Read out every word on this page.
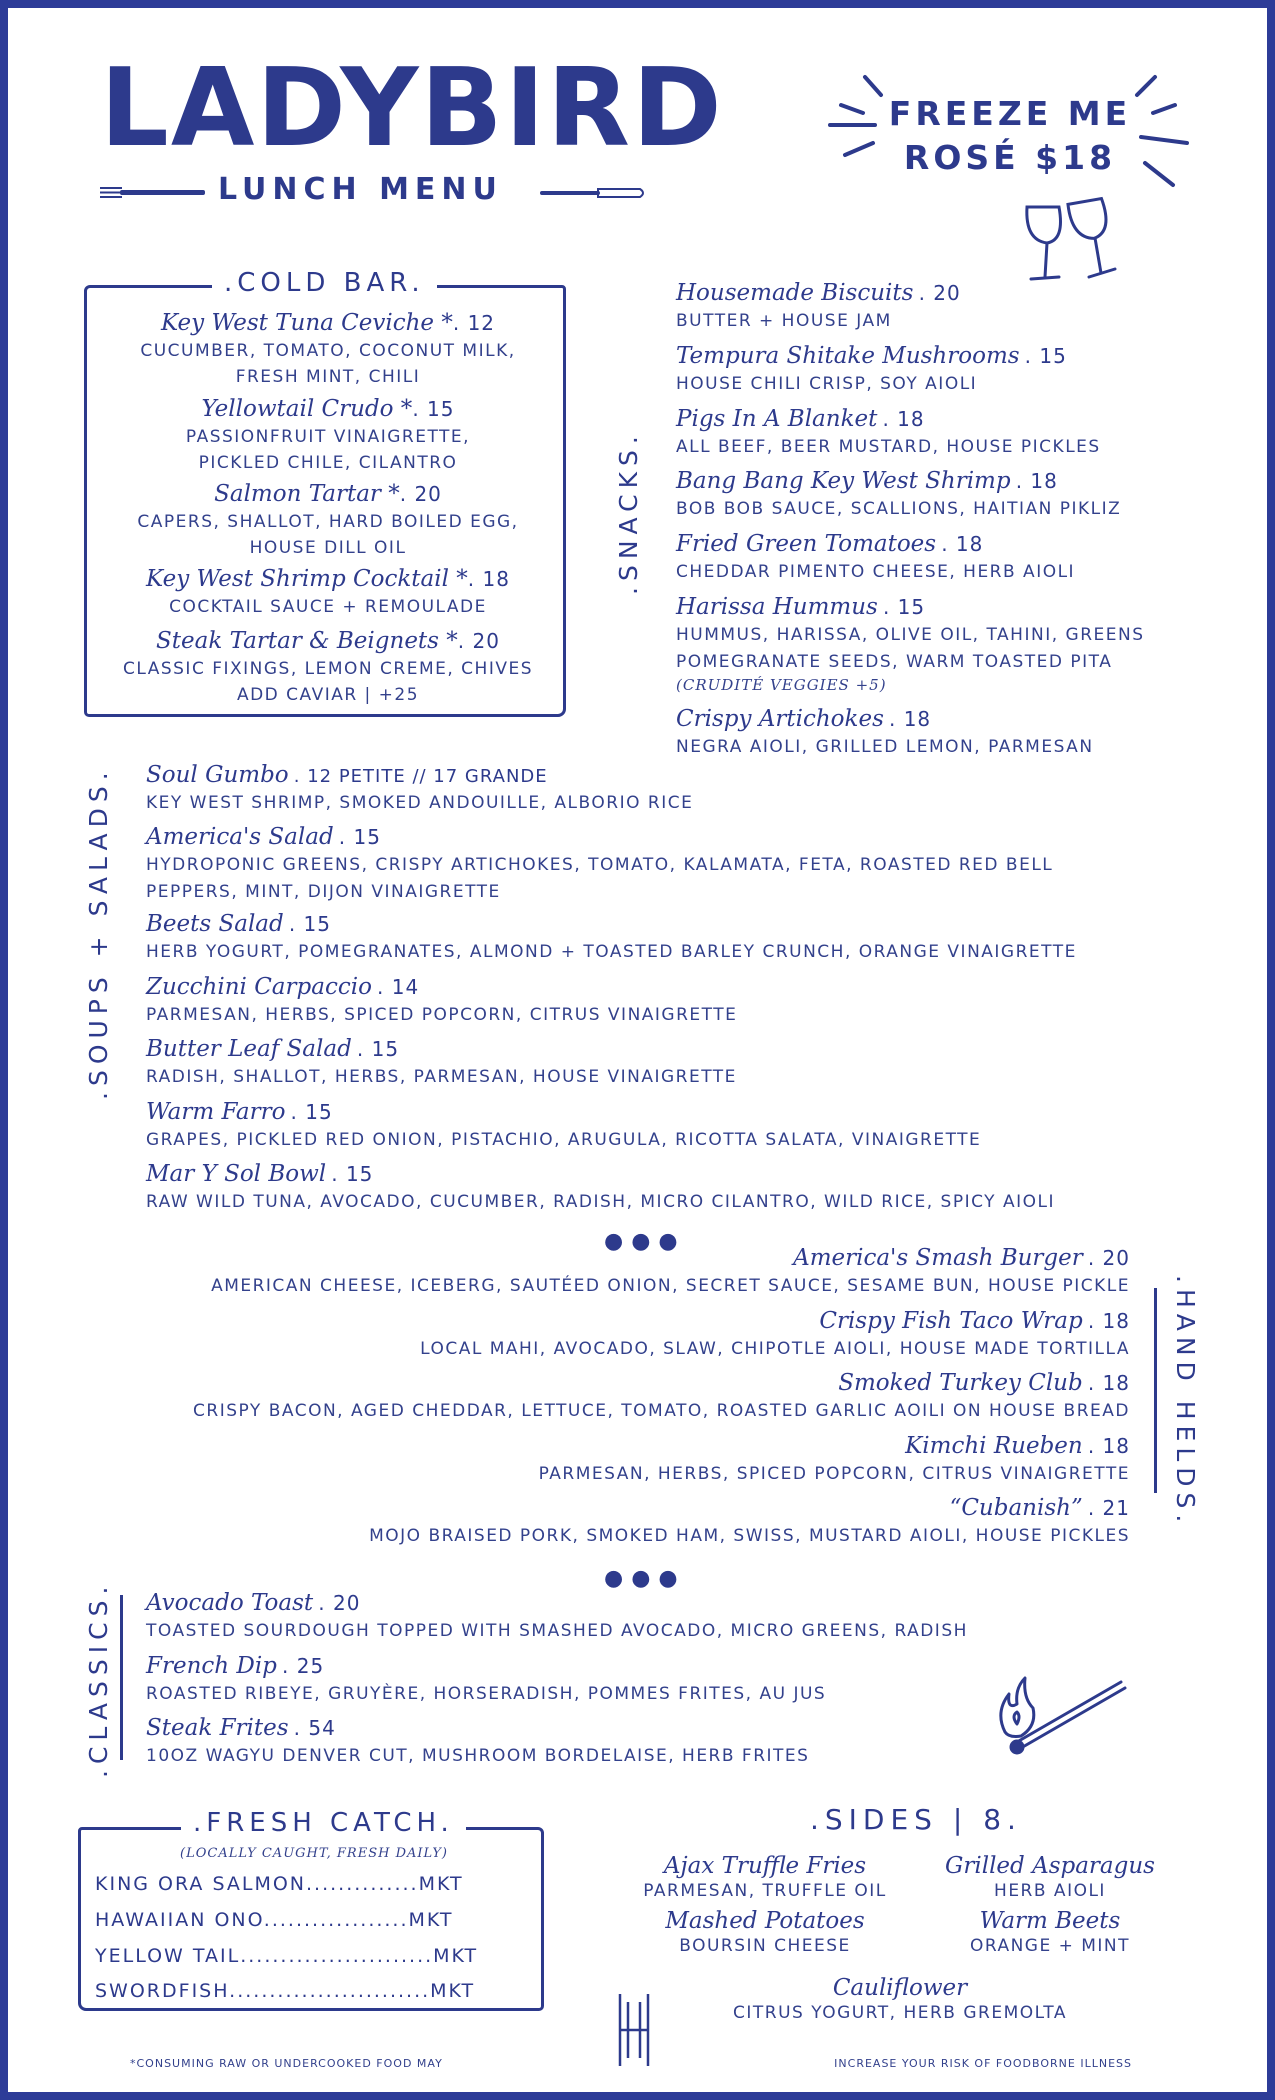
LADYBIRD
LUNCH MENU
FREEZE ME
ROSÉ $18
.COLD BAR.
Key West Tuna Ceviche *. 12
CUCUMBER, TOMATO, COCONUT MILK,
FRESH MINT, CHILI
Yellowtail Crudo *. 15
PASSIONFRUIT VINAIGRETTE,
PICKLED CHILE, CILANTRO
Salmon Tartar *. 20
CAPERS, SHALLOT, HARD BOILED EGG,
HOUSE DILL OIL
Key West Shrimp Cocktail *. 18
COCKTAIL SAUCE + REMOULADE
Steak Tartar & Beignets *. 20
CLASSIC FIXINGS, LEMON CREME, CHIVES
ADD CAVIAR | +25
.SNACKS.
Housemade Biscuits . 20
BUTTER + HOUSE JAM
Tempura Shitake Mushrooms . 15
HOUSE CHILI CRISP, SOY AIOLI
Pigs In A Blanket . 18
ALL BEEF, BEER MUSTARD, HOUSE PICKLES
Bang Bang Key West Shrimp . 18
BOB BOB SAUCE, SCALLIONS, HAITIAN PIKLIZ
Fried Green Tomatoes . 18
CHEDDAR PIMENTO CHEESE, HERB AIOLI
Harissa Hummus . 15
HUMMUS, HARISSA, OLIVE OIL, TAHINI, GREENS
POMEGRANATE SEEDS, WARM TOASTED PITA
(CRUDITÉ VEGGIES +5)
Crispy Artichokes . 18
NEGRA AIOLI, GRILLED LEMON, PARMESAN
.SOUPS + SALADS. Soul Gumbo . 12 PETITE // 17 GRANDE
KEY WEST SHRIMP, SMOKED ANDOUILLE, ALBORIO RICE
America's Salad . 15
HYDROPONIC GREENS, CRISPY ARTICHOKES, TOMATO, KALAMATA, FETA, ROASTED RED BELL
PEPPERS, MINT, DIJON VINAIGRETTE
Beets Salad . 15
HERB YOGURT, POMEGRANATES, ALMOND + TOASTED BARLEY CRUNCH, ORANGE VINAIGRETTE
Zucchini Carpaccio . 14
PARMESAN, HERBS, SPICED POPCORN, CITRUS VINAIGRETTE
Butter Leaf Salad . 15
RADISH, SHALLOT, HERBS, PARMESAN, HOUSE VINAIGRETTE
Warm Farro . 15
GRAPES, PICKLED RED ONION, PISTACHIO, ARUGULA, RICOTTA SALATA, VINAIGRETTE
Mar Y Sol Bowl . 15
RAW WILD TUNA, AVOCADO, CUCUMBER, RADISH, MICRO CILANTRO, WILD RICE, SPICY AIOLI
●●●
.HAND HELDS.
America's Smash Burger . 20
AMERICAN CHEESE, ICEBERG, SAUTÉED ONION, SECRET SAUCE, SESAME BUN, HOUSE PICKLE
Crispy Fish Taco Wrap . 18
LOCAL MAHI, AVOCADO, SLAW, CHIPOTLE AIOLI, HOUSE MADE TORTILLA
Smoked Turkey Club . 18
CRISPY BACON, AGED CHEDDAR, LETTUCE, TOMATO, ROASTED GARLIC AOILI ON HOUSE BREAD
Kimchi Rueben . 18
PARMESAN, HERBS, SPICED POPCORN, CITRUS VINAIGRETTE
“Cubanish” . 21
MOJO BRAISED PORK, SMOKED HAM, SWISS, MUSTARD AIOLI, HOUSE PICKLES
●●●
.CLASSICS. Avocado Toast . 20
TOASTED SOURDOUGH TOPPED WITH SMASHED AVOCADO, MICRO GREENS, RADISH
French Dip . 25
ROASTED RIBEYE, GRUYÈRE, HORSERADISH, POMMES FRITES, AU JUS
Steak Frites . 54
10OZ WAGYU DENVER CUT, MUSHROOM BORDELAISE, HERB FRITES
.FRESH CATCH.
(LOCALLY CAUGHT, FRESH DAILY)
KING ORA SALMON..............MKT
HAWAIIAN ONO..................MKT
YELLOW TAIL........................MKT
SWORDFISH.........................MKT
.SIDES | 8.
Ajax Truffle Fries
PARMESAN, TRUFFLE OIL
Grilled Asparagus
HERB AIOLI
Mashed Potatoes
BOURSIN CHEESE
Warm Beets
ORANGE + MINT
Cauliflower
CITRUS YOGURT, HERB GREMOLTA
*CONSUMING RAW OR UNDERCOOKED FOOD MAY	INCREASE YOUR RISK OF FOODBORNE ILLNESS
